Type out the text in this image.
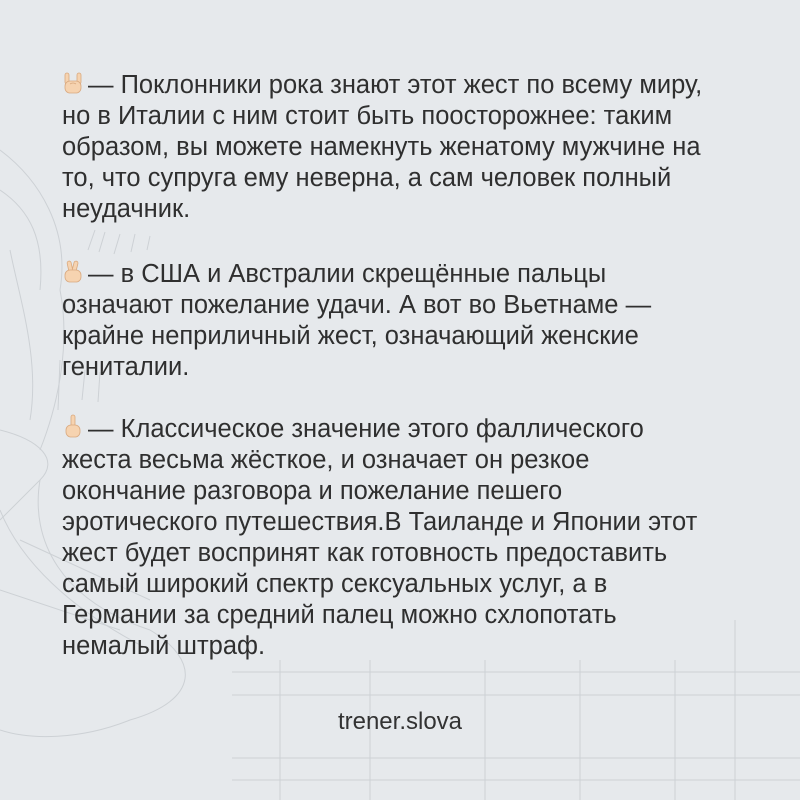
— Поклонники рока знают этот жест по всему миру,
но в Италии с ним стоит быть поосторожнее: таким
образом, вы можете намекнуть женатому мужчине на
то, что супруга ему неверна, а сам человек полный
неудачник.
— в США и Австралии скрещённые пальцы
означают пожелание удачи. А вот во Вьетнаме —
крайне неприличный жест, означающий женские
гениталии.
— Классическое значение этого фаллического
жеста весьма жёсткое, и означает он резкое
окончание разговора и пожелание пешего
эротического путешествия.В Таиланде и Японии этот
жест будет воспринят как готовность предоставить
самый широкий спектр сексуальных услуг, а в
Германии за средний палец можно схлопотать
немалый штраф.
trener.slova
